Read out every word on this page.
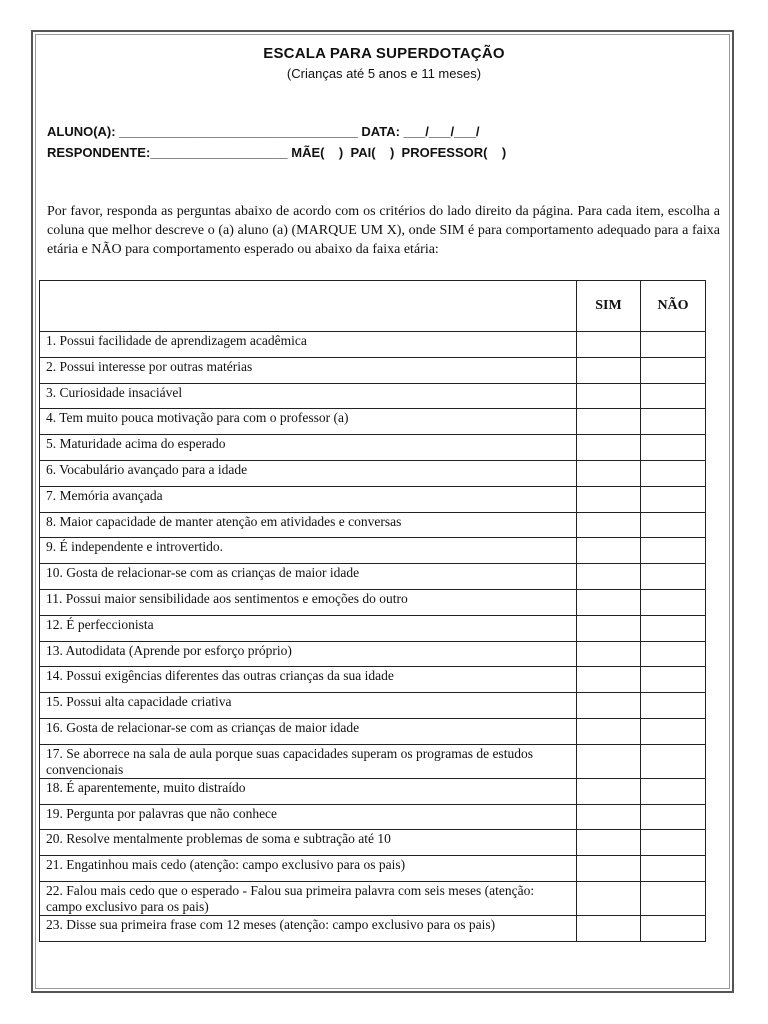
ESCALA PARA SUPERDOTAÇÃO
(Crianças até 5 anos e 11 meses)
ALUNO(A): _________________________________ DATA: ___/___/___/
RESPONDENTE:___________________ MÃE(    )  PAI(    )  PROFESSOR(    )
Por favor, responda as perguntas abaixo de acordo com os critérios do lado direito da página. Para cada item, escolha a coluna que melhor descreve o (a) aluno (a) (MARQUE UM X), onde SIM é para comportamento adequado para a faixa etária e NÃO para comportamento esperado ou abaixo da faixa etária:
	SIM	NÃO
1. Possui facilidade de aprendizagem acadêmica		
2. Possui interesse por outras matérias		
3. Curiosidade insaciável		
4. Tem muito pouca motivação para com o professor (a)		
5. Maturidade acima do esperado		
6. Vocabulário avançado para a idade		
7. Memória avançada		
8. Maior capacidade de manter atenção em atividades e conversas		
9. É independente e introvertido.		
10. Gosta de relacionar-se com as crianças de maior idade		
11. Possui maior sensibilidade aos sentimentos e emoções do outro		
12. É perfeccionista		
13. Autodidata (Aprende por esforço próprio)		
14. Possui exigências diferentes das outras crianças da sua idade		
15. Possui alta capacidade criativa		
16. Gosta de relacionar-se com as crianças de maior idade		
17. Se aborrece na sala de aula porque suas capacidades superam os programas de estudos convencionais		
18. É aparentemente, muito distraído		
19. Pergunta por palavras que não conhece		
20. Resolve mentalmente problemas de soma e subtração até 10		
21. Engatinhou mais cedo (atenção: campo exclusivo para os pais)		
22. Falou mais cedo que o esperado - Falou sua primeira palavra com seis meses (atenção: campo exclusivo para os pais)		
23. Disse sua primeira frase com 12 meses (atenção: campo exclusivo para os pais)		
